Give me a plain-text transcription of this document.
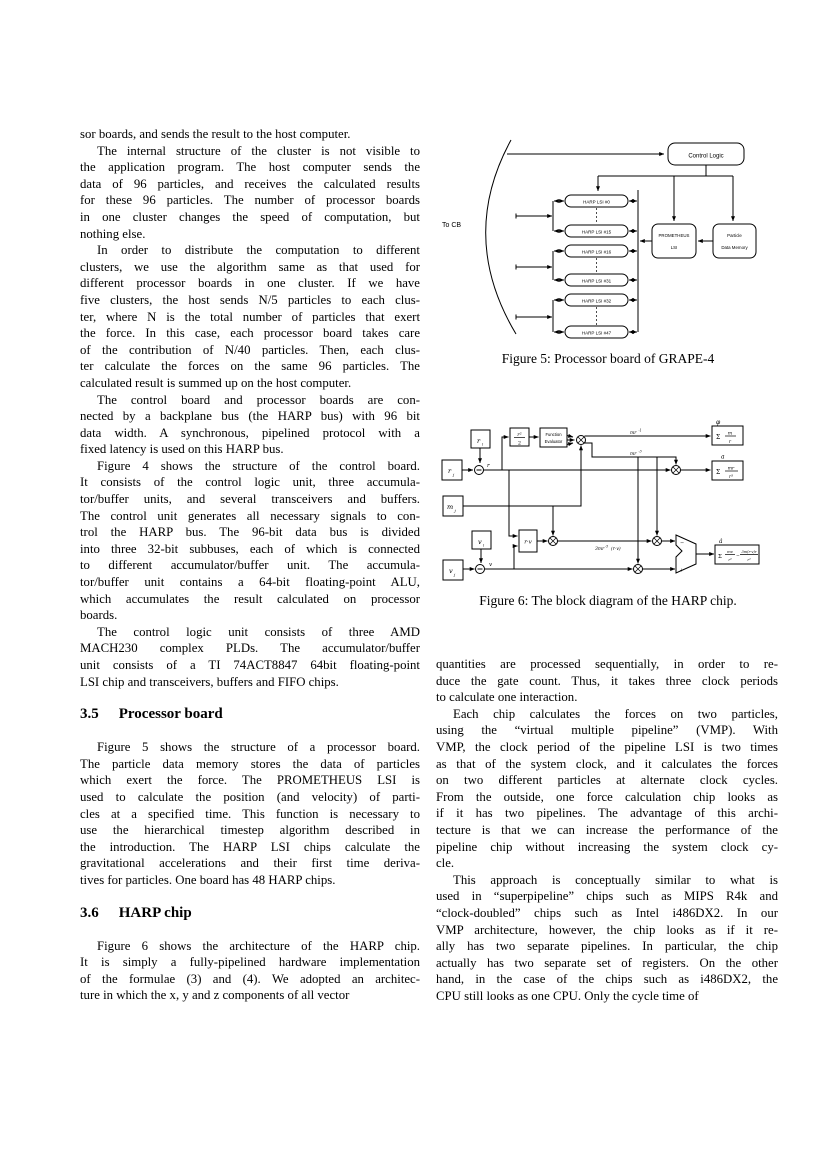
sor boards, and sends the result to the host computer.
The internal structure of the cluster is not visible to
the application program. The host computer sends the
data of 96 particles, and receives the calculated results
for these 96 particles. The number of processor boards
in one cluster changes the speed of computation, but
nothing else.
In order to distribute the computation to different
clusters, we use the algorithm same as that used for
different processor boards in one cluster. If we have
five clusters, the host sends N/5 particles to each clus-
ter, where N is the total number of particles that exert
the force. In this case, each processor board takes care
of the contribution of N/40 particles. Then, each clus-
ter calculate the forces on the same 96 particles. The
calculated result is summed up on the host computer.
The control board and processor boards are con-
nected by a backplane bus (the HARP bus) with 96 bit
data width. A synchronous, pipelined protocol with a
fixed latency is used on this HARP bus.
Figure 4 shows the structure of the control board.
It consists of the control logic unit, three accumula-
tor/buffer units, and several transceivers and buffers.
The control unit generates all necessary signals to con-
trol the HARP bus. The 96-bit data bus is divided
into three 32-bit subbuses, each of which is connected
to different accumulator/buffer unit. The accumula-
tor/buffer unit contains a 64-bit floating-point ALU,
which accumulates the result calculated on processor
boards.
The control logic unit consists of three AMD
MACH230 complex PLDs. The accumulator/buffer
unit consists of a TI 74ACT8847 64bit floating-point
LSI chip and transceivers, buffers and FIFO chips.
3.5 Processor board
Figure 5 shows the structure of a processor board.
The particle data memory stores the data of particles
which exert the force. The PROMETHEUS LSI is
used to calculate the position (and velocity) of parti-
cles at a specified time. This function is necessary to
use the hierarchical timestep algorithm described in
the introduction. The HARP LSI chips calculate the
gravitational accelerations and their first time deriva-
tives for particles. One board has 48 HARP chips.
3.6 HARP chip
Figure 6 shows the architecture of the HARP chip.
It is simply a fully-pipelined hardware implementation
of the formulae (3) and (4). We adopted an architec-
ture in which the x, y and z components of all vector
To CB
Control Logic
HARP LSI #0
HARP LSI #15
HARP LSI #16
HARP LSI #31
HARP LSI #32
HARP LSI #47
PROMETHEUS
LSI
Particle
Data Memory
Figure 5: Processor board of GRAPE-4
r i
r j
m j
v i
v j
r²
2
Function
Evaluator
r·v	−
+
φ
Σ m
r
a
Σ mr
r³
ȧ
Σ
mv
r³
−
3m(r·v)r
r⁵
r
v
mr
-1
mr
-3
3mr
-5
(r·v)
Figure 6: The block diagram of the HARP chip.
quantities are processed sequentially, in order to re-
duce the gate count. Thus, it takes three clock periods
to calculate one interaction.
Each chip calculates the forces on two particles,
using the “virtual multiple pipeline” (VMP). With
VMP, the clock period of the pipeline LSI is two times
as that of the system clock, and it calculates the forces
on two different particles at alternate clock cycles.
From the outside, one force calculation chip looks as
if it has two pipelines. The advantage of this archi-
tecture is that we can increase the performance of the
pipeline chip without increasing the system clock cy-
cle.
This approach is conceptually similar to what is
used in “superpipeline” chips such as MIPS R4k and
“clock-doubled” chips such as Intel i486DX2. In our
VMP architecture, however, the chip looks as if it re-
ally has two separate pipelines. In particular, the chip
actually has two separate set of registers. On the other
hand, in the case of the chips such as i486DX2, the
CPU still looks as one CPU. Only the cycle time of
